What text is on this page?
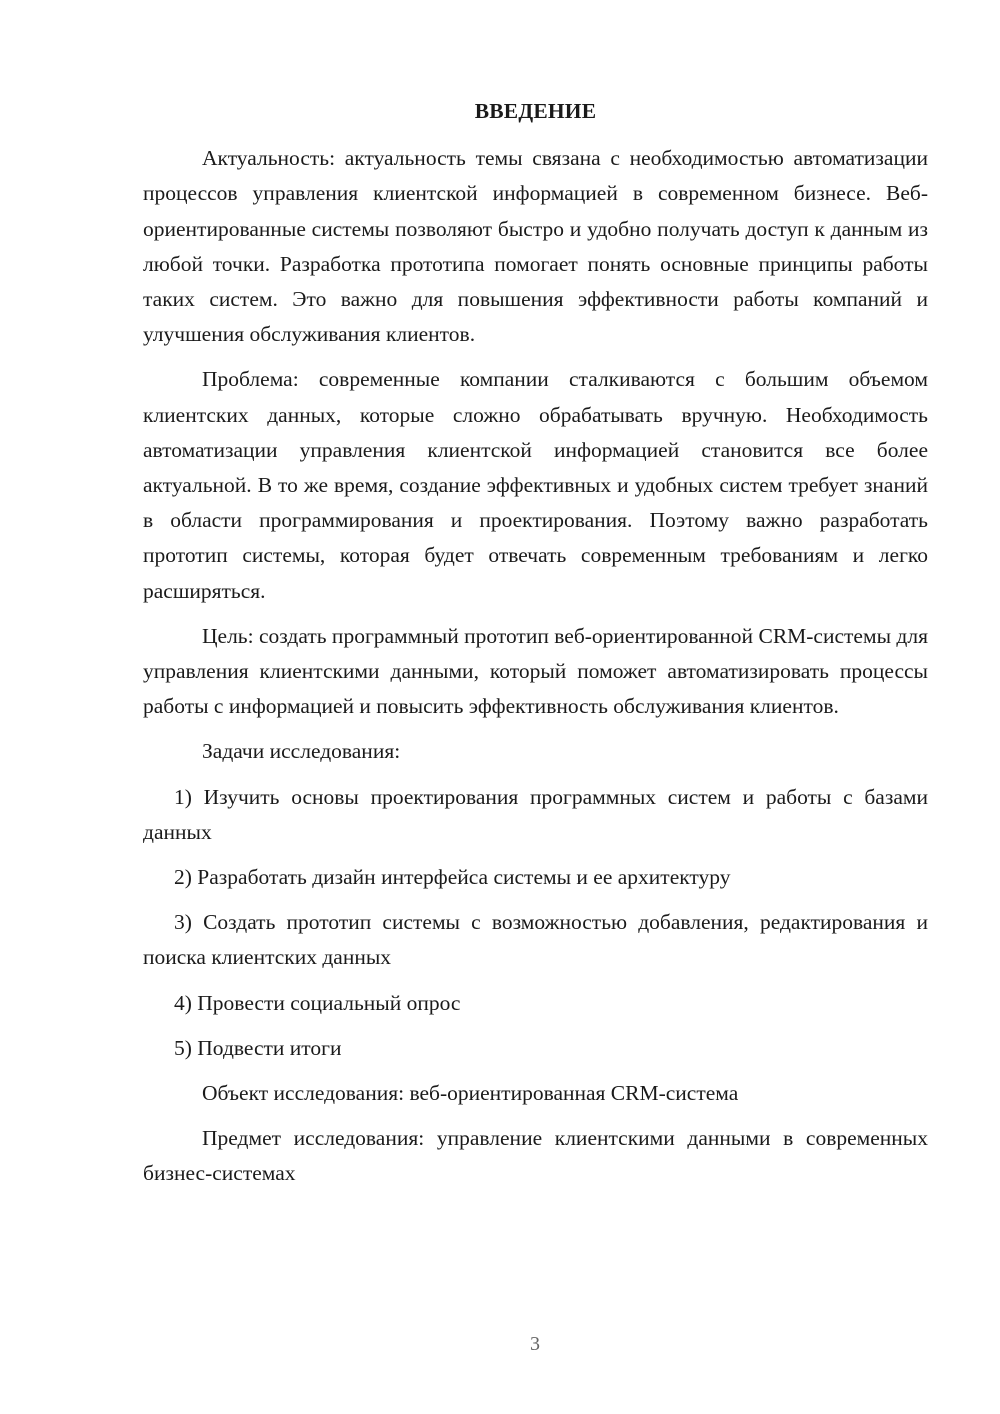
ВВЕДЕНИЕ
Актуальность: актуальность темы связана с необходимостью автоматизации процессов управления клиентской информацией в современном бизнесе. Веб-ориентированные системы позволяют быстро и удобно получать доступ к данным из любой точки. Разработка прототипа помогает понять основные принципы работы таких систем. Это важно для повышения эффективности работы компаний и улучшения обслуживания клиентов.
Проблема: современные компании сталкиваются с большим объемом клиентских данных, которые сложно обрабатывать вручную. Необходимость автоматизации управления клиентской информацией становится все более актуальной. В то же время, создание эффективных и удобных систем требует знаний в области программирования и проектирования. Поэтому важно разработать прототип системы, которая будет отвечать современным требованиям и легко расширяться.
Цель: создать программный прототип веб-ориентированной CRM-системы для управления клиентскими данными, который поможет автоматизировать процессы работы с информацией и повысить эффективность обслуживания клиентов.
Задачи исследования:
1) Изучить основы проектирования программных систем и работы с базами данных
2) Разработать дизайн интерфейса системы и ее архитектуру
3) Создать прототип системы с возможностью добавления, редактирования и поиска клиентских данных
4) Провести социальный опрос
5) Подвести итоги
Объект исследования: веб-ориентированная CRM-система
Предмет исследования: управление клиентскими данными в современных бизнес-системах
3
